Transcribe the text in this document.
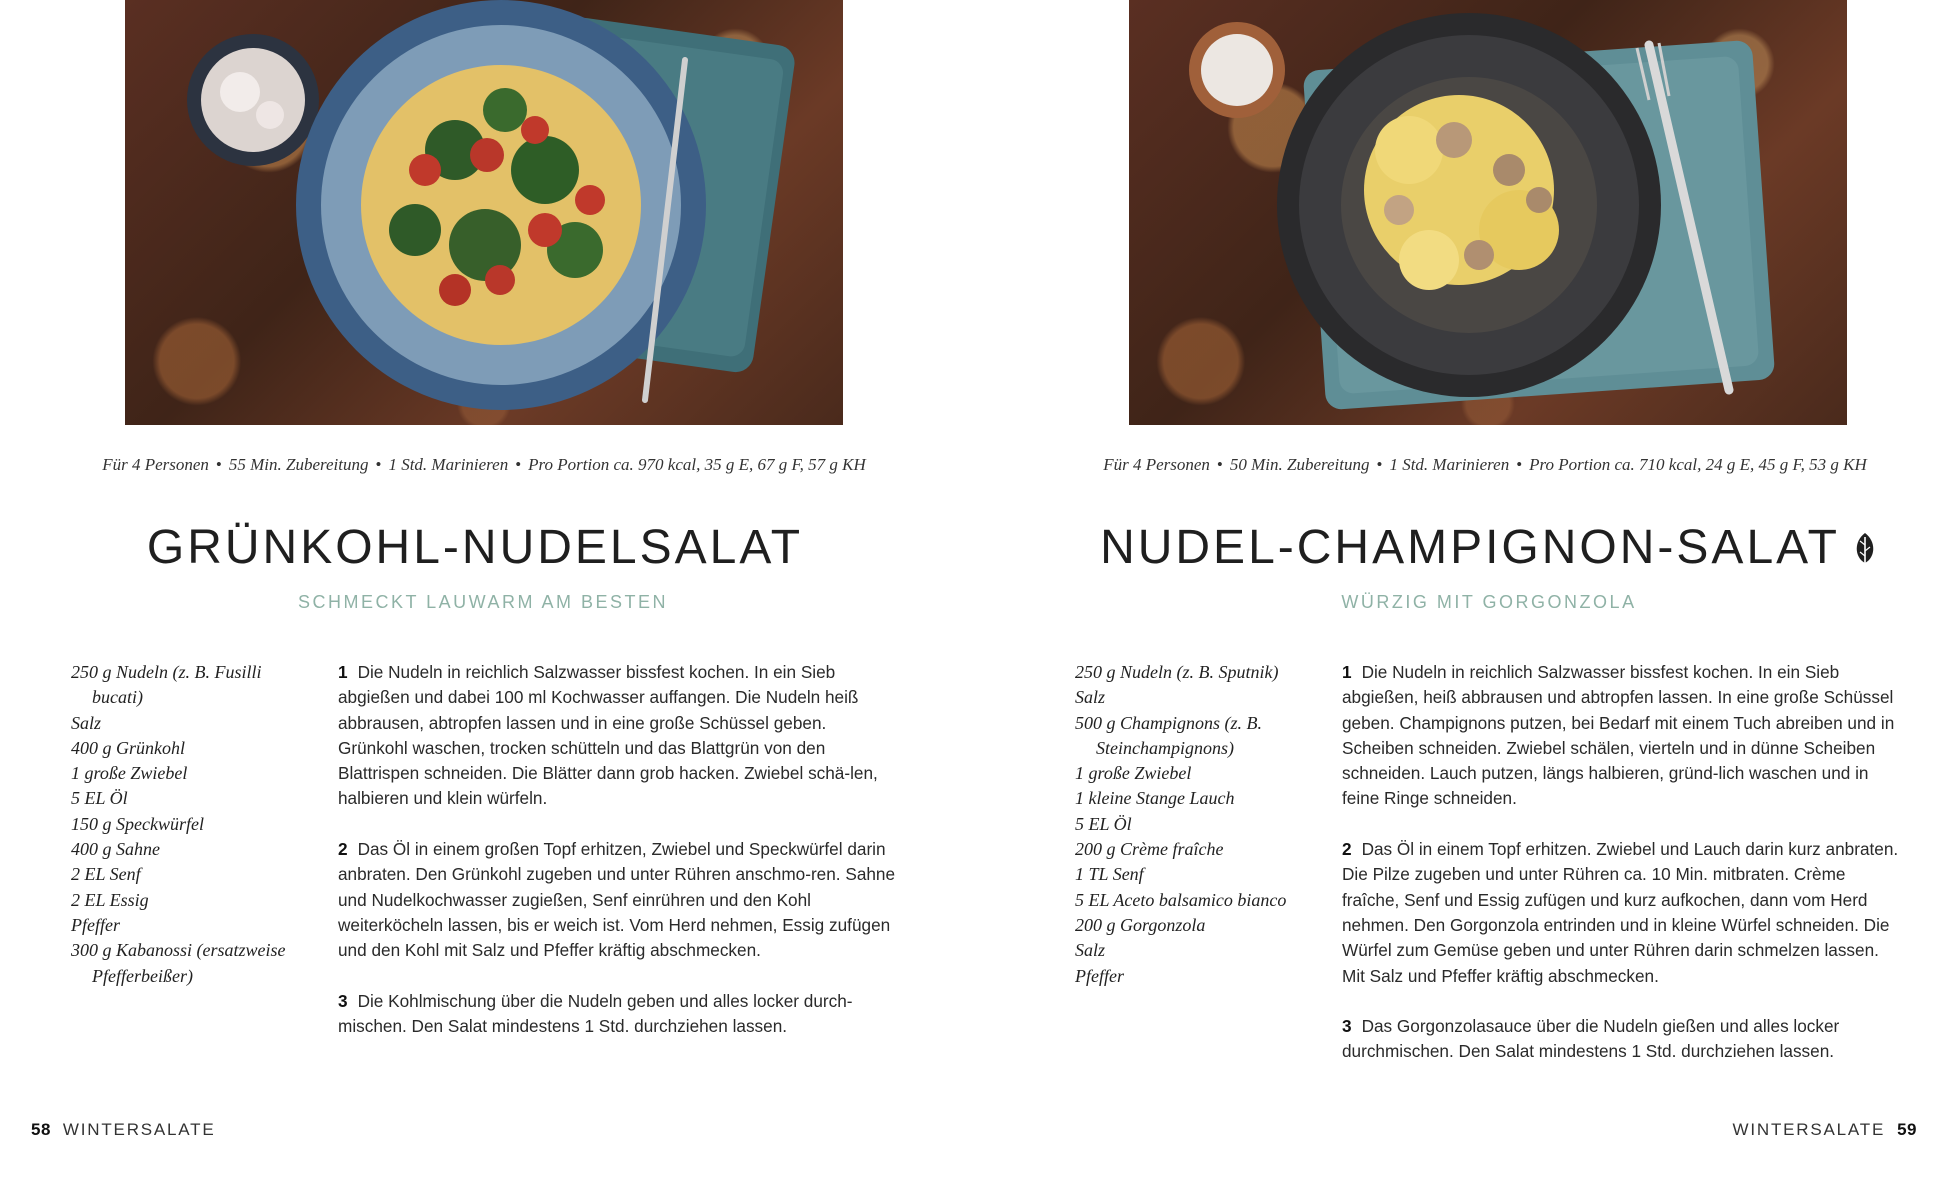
Für 4 Personen • 55 Min. Zubereitung • 1 Std. Marinieren • Pro Portion ca. 970 kcal, 35 g E, 67 g F, 57 g KH
GRÜNKOHL-NUDELSALAT
SCHMECKT LAUWARM AM BESTEN
250 g Nudeln (z. B. Fusilli bucati)
Salz
400 g Grünkohl
1 große Zwiebel
5 EL Öl
150 g Speckwürfel
400 g Sahne
2 EL Senf
2 EL Essig
Pfeffer
300 g Kabanossi (ersatzweise Pfefferbeißer)

1 Die Nudeln in reichlich Salzwasser bissfest kochen. In ein Sieb abgießen und dabei 100 ml Kochwasser auffangen. Die Nudeln heiß abbrausen, abtropfen lassen und in eine große Schüssel geben. Grünkohl waschen, trocken schütteln und das Blattgrün von den Blattrispen schneiden. Die Blätter dann grob hacken. Zwiebel schä-len, halbieren und klein würfeln.

2 Das Öl in einem großen Topf erhitzen, Zwiebel und Speckwürfel darin anbraten. Den Grünkohl zugeben und unter Rühren anschmo-ren. Sahne und Nudelkochwasser zugießen, Senf einrühren und den Kohl weiterköcheln lassen, bis er weich ist. Vom Herd nehmen, Essig zufügen und den Kohl mit Salz und Pfeffer kräftig abschmecken.

3 Die Kohlmischung über die Nudeln geben und alles locker durch-mischen. Den Salat mindestens 1 Std. durchziehen lassen.

58 WINTERSALATE
Für 4 Personen • 50 Min. Zubereitung • 1 Std. Marinieren • Pro Portion ca. 710 kcal, 24 g E, 45 g F, 53 g KH
NUDEL-CHAMPIGNON-SALAT
WÜRZIG MIT GORGONZOLA
250 g Nudeln (z. B. Sputnik)
Salz
500 g Champignons (z. B. Steinchampignons)
1 große Zwiebel
1 kleine Stange Lauch
5 EL Öl
200 g Crème fraîche
1 TL Senf
5 EL Aceto balsamico bianco
200 g Gorgonzola
Salz
Pfeffer

1 Die Nudeln in reichlich Salzwasser bissfest kochen. In ein Sieb abgießen, heiß abbrausen und abtropfen lassen. In eine große Schüssel geben. Champignons putzen, bei Bedarf mit einem Tuch abreiben und in Scheiben schneiden. Zwiebel schälen, vierteln und in dünne Scheiben schneiden. Lauch putzen, längs halbieren, gründ-lich waschen und in feine Ringe schneiden.

2 Das Öl in einem Topf erhitzen. Zwiebel und Lauch darin kurz anbraten. Die Pilze zugeben und unter Rühren ca. 10 Min. mitbraten. Crème fraîche, Senf und Essig zufügen und kurz aufkochen, dann vom Herd nehmen. Den Gorgonzola entrinden und in kleine Würfel schneiden. Die Würfel zum Gemüse geben und unter Rühren darin schmelzen lassen. Mit Salz und Pfeffer kräftig abschmecken.

3 Das Gorgonzolasauce über die Nudeln gießen und alles locker durchmischen. Den Salat mindestens 1 Std. durchziehen lassen.

WINTERSALATE 59
